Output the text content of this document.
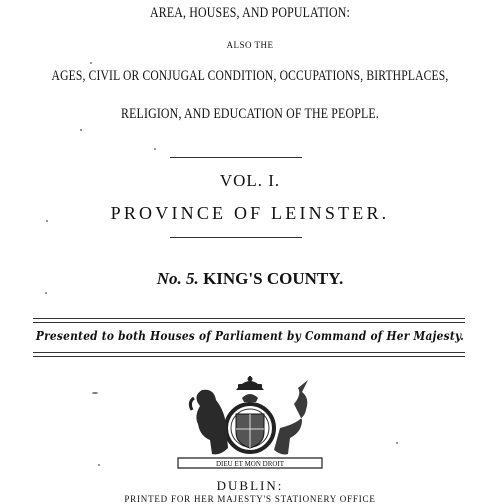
AREA, HOUSES, AND POPULATION:
ALSO THE
AGES, CIVIL OR CONJUGAL CONDITION, OCCUPATIONS, BIRTHPLACES,
RELIGION, AND EDUCATION OF THE PEOPLE.
VOL. I.
PROVINCE OF LEINSTER.
No. 5. KING'S COUNTY.
Presented to both Houses of Parliament by Command of Her Majesty.
DIEU ET MON DROIT
DUBLIN:
PRINTED FOR HER MAJESTY'S STATIONERY OFFICE
